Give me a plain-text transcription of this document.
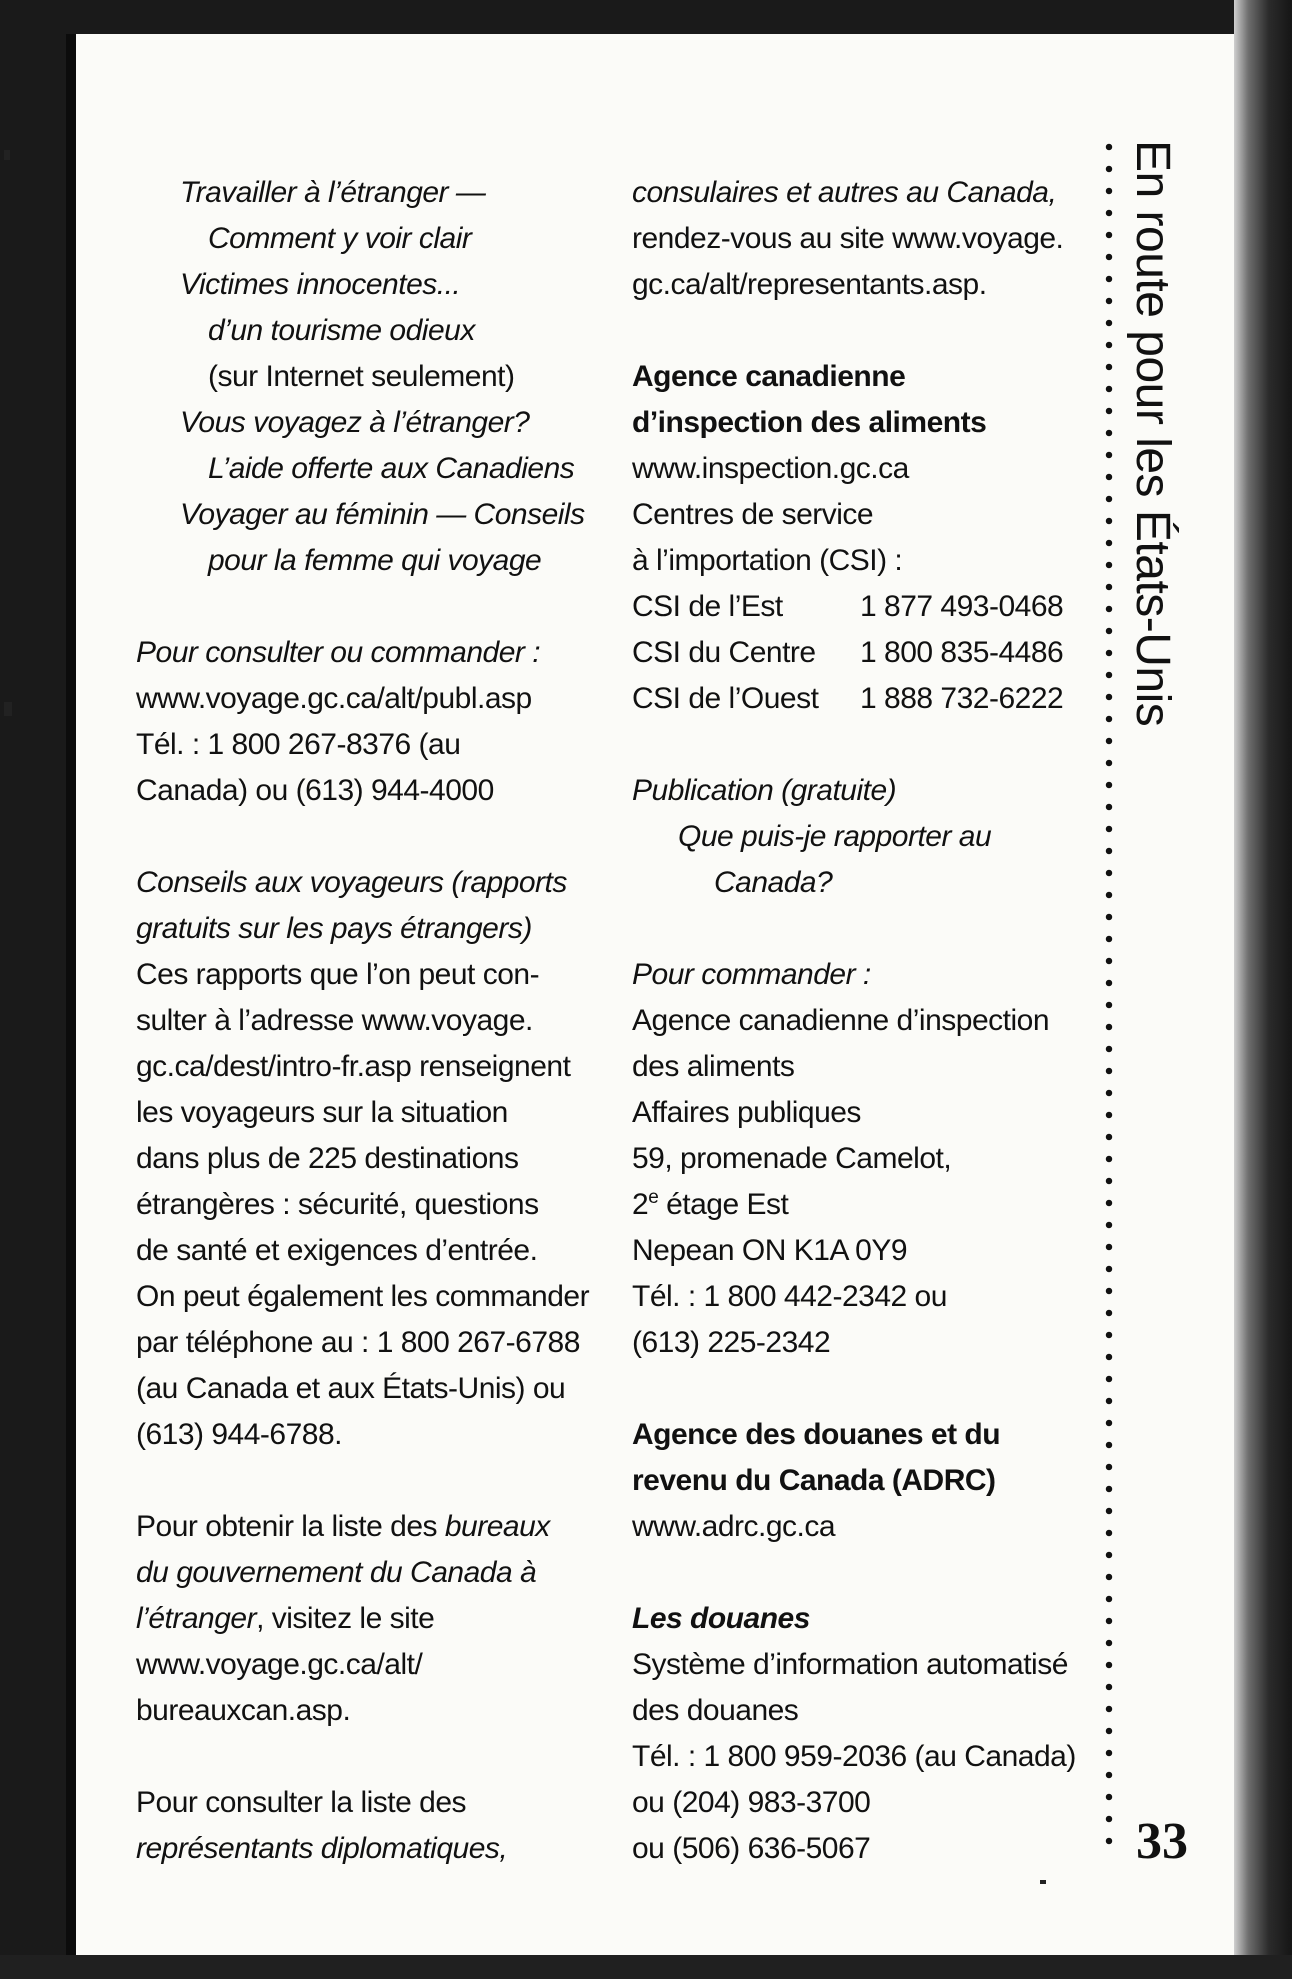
Travailler à l’étranger —

Comment y voir clair

Victimes innocentes...

d’un tourisme odieux

(sur Internet seulement)

Vous voyagez à l’étranger?

L’aide offerte aux Canadiens

Voyager au féminin — Conseils

pour la femme qui voyage

Pour consulter ou commander :

www.voyage.gc.ca/alt/publ.asp

Tél. : 1 800 267-8376 (au

Canada) ou (613) 944-4000

Conseils aux voyageurs (rapports

gratuits sur les pays étrangers)

Ces rapports que l’on peut con-

sulter à l’adresse www.voyage.

gc.ca/dest/intro-fr.asp renseignent

les voyageurs sur la situation

dans plus de 225 destinations

étrangères : sécurité, questions

de santé et exigences d’entrée.

On peut également les commander

par téléphone au : 1 800 267-6788

(au Canada et aux États-Unis) ou

(613) 944-6788.

Pour obtenir la liste des bureaux

du gouvernement du Canada à

l’étranger, visitez le site

www.voyage.gc.ca/alt/

bureauxcan.asp.

Pour consulter la liste des

représentants diplomatiques,

consulaires et autres au Canada,

rendez-vous au site www.voyage.

gc.ca/alt/representants.asp.

Agence canadienne

d’inspection des aliments

www.inspection.gc.ca

Centres de service

à l’importation (CSI) :

CSI de l’Est	1 877 493-0468
CSI du Centre	1 800 835-4486
CSI de l’Ouest	1 888 732-6222

Publication (gratuite)

Que puis-je rapporter au

Canada?

Pour commander :

Agence canadienne d’inspection

des aliments

Affaires publiques

59, promenade Camelot,

2e étage Est

Nepean ON K1A 0Y9

Tél. : 1 800 442-2342 ou

(613) 225-2342

Agence des douanes et du

revenu du Canada (ADRC)

www.adrc.gc.ca

Les douanes

Système d’information automatisé

des douanes

Tél. : 1 800 959-2036 (au Canada)

ou (204) 983-3700

ou (506) 636-5067

En route pour les États-Unis
33
